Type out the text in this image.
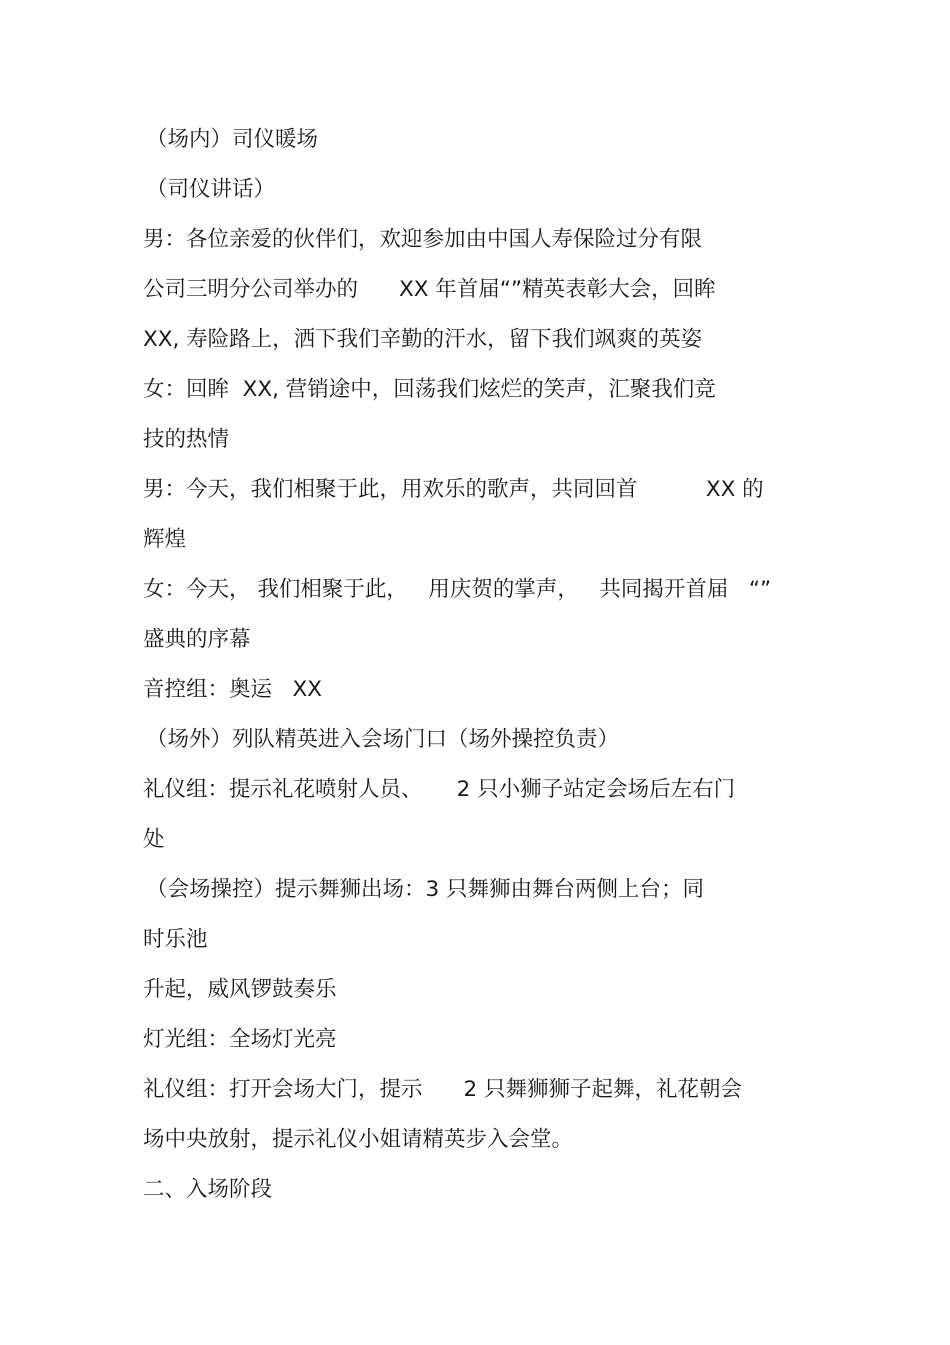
（场内）司仪暖场

（司仪讲话）

男：各位亲爱的伙伴们，欢迎参加由中国人寿保险过分有限

公司三明分公司举办的      XX 年首届“”精英表彰大会，回眸

XX, 寿险路上，洒下我们辛勤的汗水，留下我们飒爽的英姿

女：回眸  XX, 营销途中，回荡我们炫烂的笑声，汇聚我们竞

技的热情

男：今天，我们相聚于此，用欢乐的歌声，共同回首          XX 的

辉煌

女：今天， 我们相聚于此，   用庆贺的掌声，   共同揭开首届   “”

盛典的序幕

音控组：奥运   XX

（场外）列队精英进入会场门口（场外操控负责）

礼仪组：提示礼花喷射人员、     2 只小狮子站定会场后左右门

处

（会场操控）提示舞狮出场：3 只舞狮由舞台两侧上台；同

时乐池

升起，威风锣鼓奏乐

灯光组：全场灯光亮

礼仪组：打开会场大门，提示      2 只舞狮狮子起舞，礼花朝会

场中央放射，提示礼仪小姐请精英步入会堂。

二、入场阶段
